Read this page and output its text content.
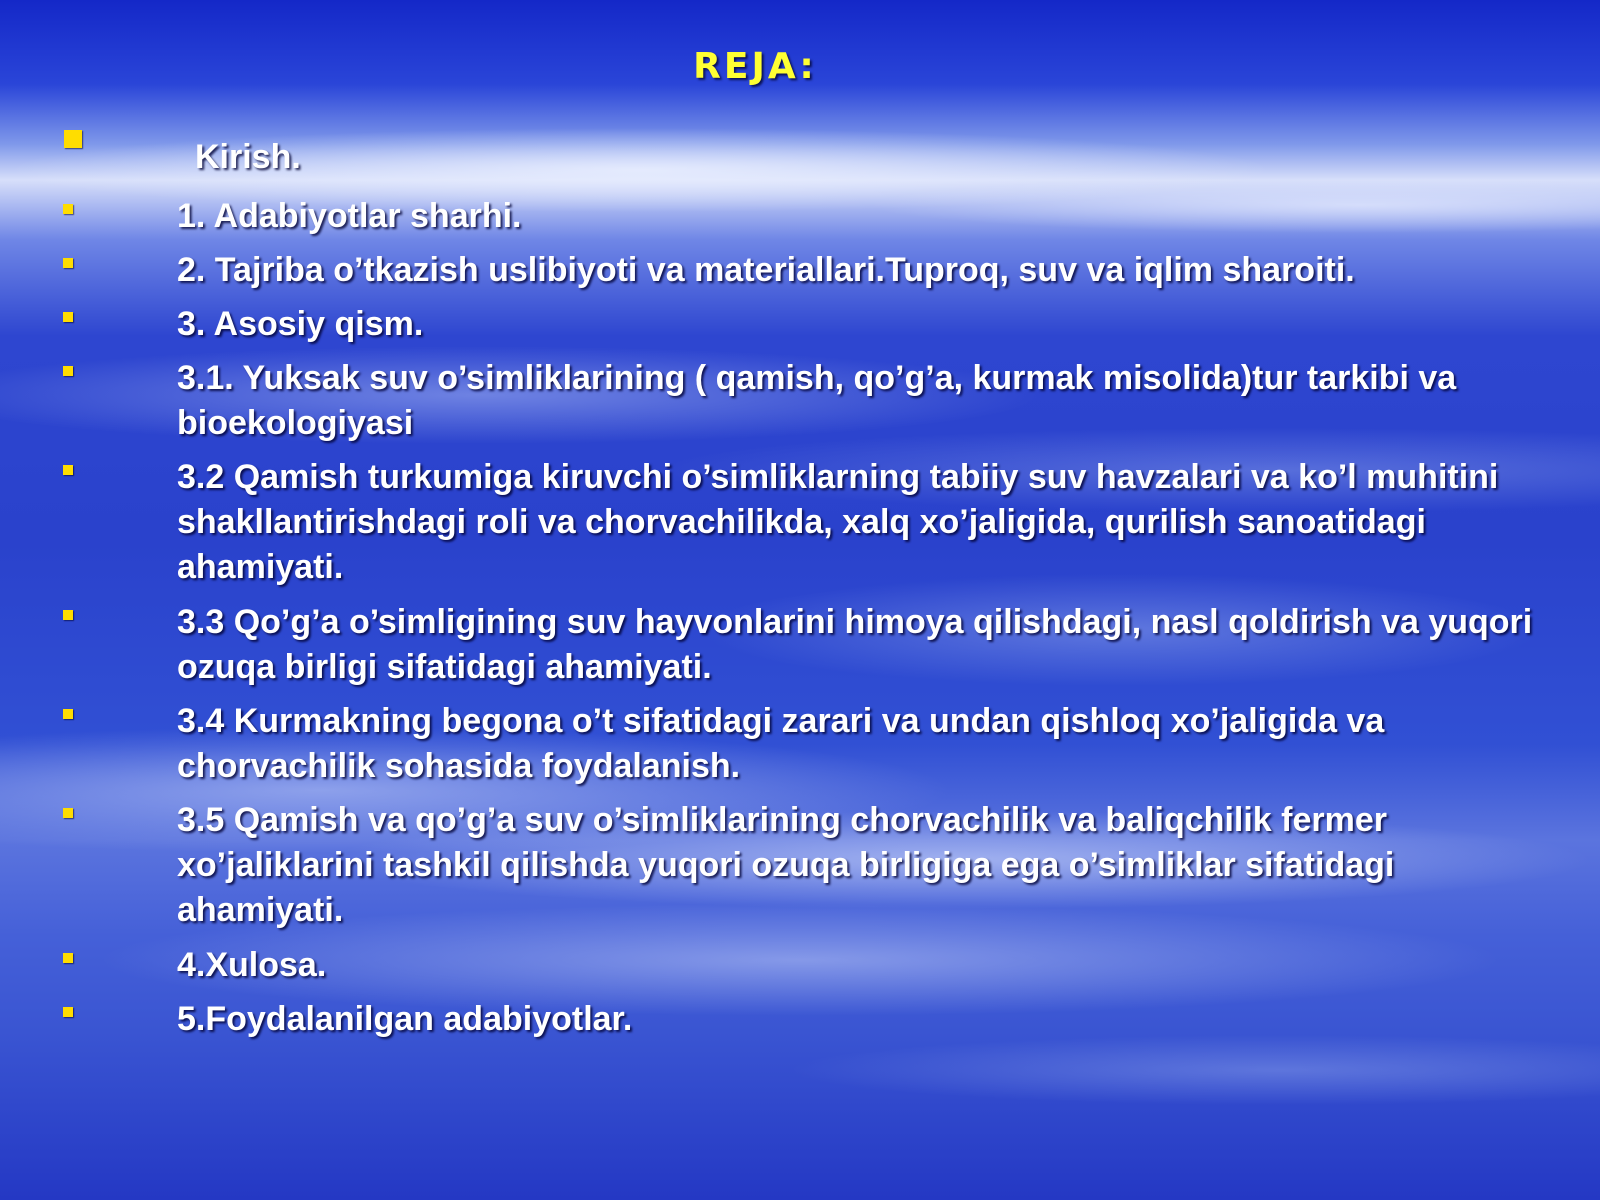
REJA:
Kirish.
1. Adabiyotlar sharhi.
2. Tajriba o’tkazish uslibiyoti va materiallari.Tuproq, suv va iqlim sharoiti.
3. Asosiy qism.
3.1. Yuksak suv o’simliklarining ( qamish, qo’g’a, kurmak misolida)tur tarkibi va bioekologiyasi
3.2 Qamish turkumiga kiruvchi o’simliklarning tabiiy suv havzalari va ko’l muhitini shakllantirishdagi roli va chorvachilikda, xalq xo’jaligida, qurilish sanoatidagi ahamiyati.
3.3 Qo’g’a o’simligining suv hayvonlarini himoya qilishdagi, nasl qoldirish va yuqori ozuqa birligi sifatidagi ahamiyati.
3.4 Kurmakning begona o’t sifatidagi zarari va undan qishloq xo’jaligida va chorvachilik sohasida foydalanish.
3.5 Qamish va qo’g’a suv o’simliklarining chorvachilik va baliqchilik fermer xo’jaliklarini tashkil qilishda yuqori ozuqa birligiga ega o’simliklar sifatidagi ahamiyati.
4.Xulosa.
5.Foydalanilgan adabiyotlar.
